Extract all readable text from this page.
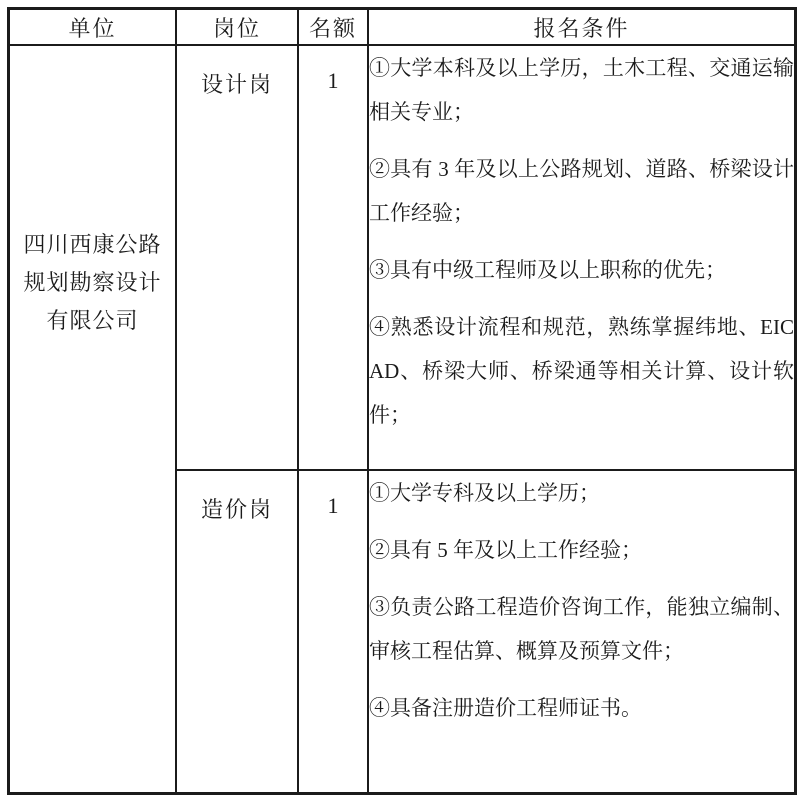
单位	岗位	名额	报名条件

四川西康公路
规划勘察设计
有限公司

设计岗	1	①大学本科及以上学历，土木工程、交通运输相关专业；

②具有 3 年及以上公路规划、道路、桥梁设计工作经验；

③具有中级工程师及以上职称的优先；

④熟悉设计流程和规范，熟练掌握纬地、EICAD、桥梁大师、桥梁通等相关计算、设计软件；

	造价岗	1	①大学专科及以上学历；

②具有 5 年及以上工作经验；

③负责公路工程造价咨询工作，能独立编制、审核工程估算、概算及预算文件；

④具备注册造价工程师证书。
